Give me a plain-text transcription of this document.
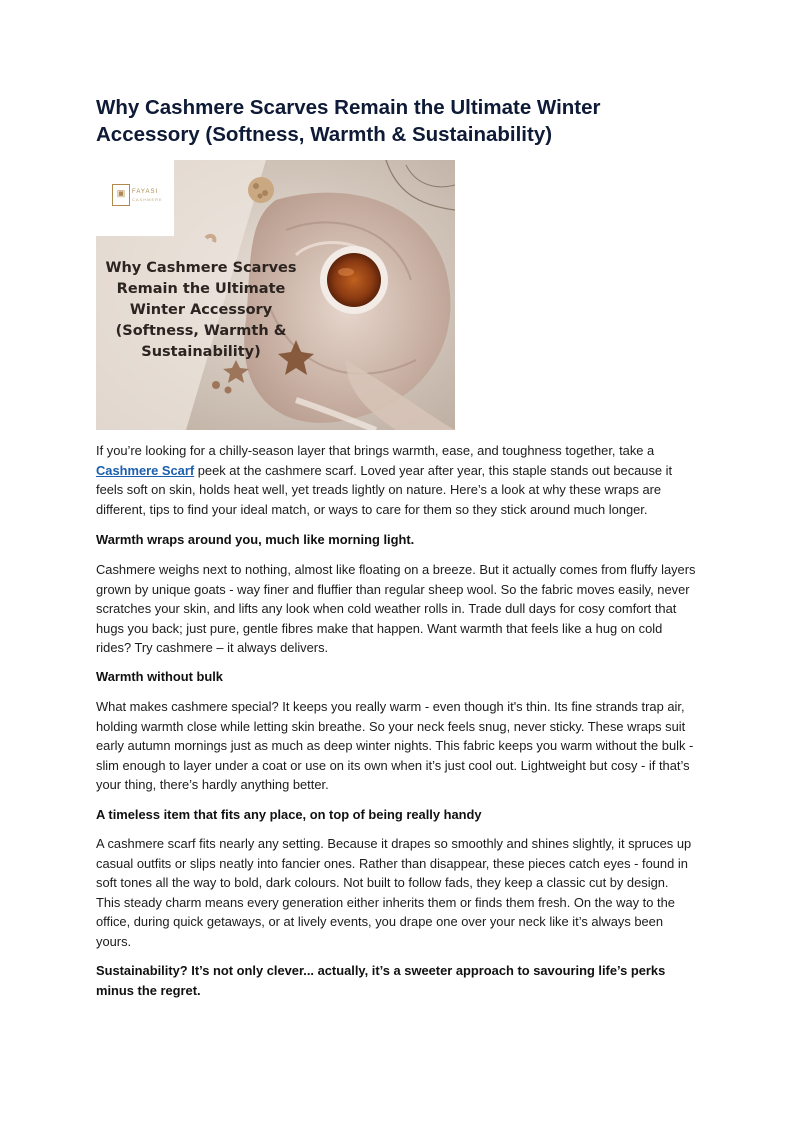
Why Cashmere Scarves Remain the Ultimate Winter Accessory (Softness, Warmth & Sustainability)
▣	FAYASI
CASHMERE
Why Cashmere Scarves Remain the Ultimate Winter Accessory (Softness, Warmth & Sustainability)

If you’re looking for a chilly-season layer that brings warmth, ease, and toughness together, take a Cashmere Scarf peek at the cashmere scarf. Loved year after year, this staple stands out because it feels soft on skin, holds heat well, yet treads lightly on nature. Here’s a look at why these wraps are different, tips to find your ideal match, or ways to care for them so they stick around much longer.

Warmth wraps around you, much like morning light.

Cashmere weighs next to nothing, almost like floating on a breeze. But it actually comes from fluffy layers grown by unique goats - way finer and fluffier than regular sheep wool. So the fabric moves easily, never scratches your skin, and lifts any look when cold weather rolls in. Trade dull days for cosy comfort that hugs you back; just pure, gentle fibres make that happen. Want warmth that feels like a hug on cold rides? Try cashmere – it always delivers.

Warmth without bulk

What makes cashmere special? It keeps you really warm - even though it's thin. Its fine strands trap air, holding warmth close while letting skin breathe. So your neck feels snug, never sticky. These wraps suit early autumn mornings just as much as deep winter nights. This fabric keeps you warm without the bulk - slim enough to layer under a coat or use on its own when it’s just cool out. Lightweight but cosy - if that’s your thing, there’s hardly anything better.

A timeless item that fits any place, on top of being really handy

A cashmere scarf fits nearly any setting. Because it drapes so smoothly and shines slightly, it spruces up casual outfits or slips neatly into fancier ones. Rather than disappear, these pieces catch eyes - found in soft tones all the way to bold, dark colours. Not built to follow fads, they keep a classic cut by design. This steady charm means every generation either inherits them or finds them fresh. On the way to the office, during quick getaways, or at lively events, you drape one over your neck like it’s always been yours.

Sustainability? It’s not only clever... actually, it’s a sweeter approach to savouring life’s perks minus the regret.
